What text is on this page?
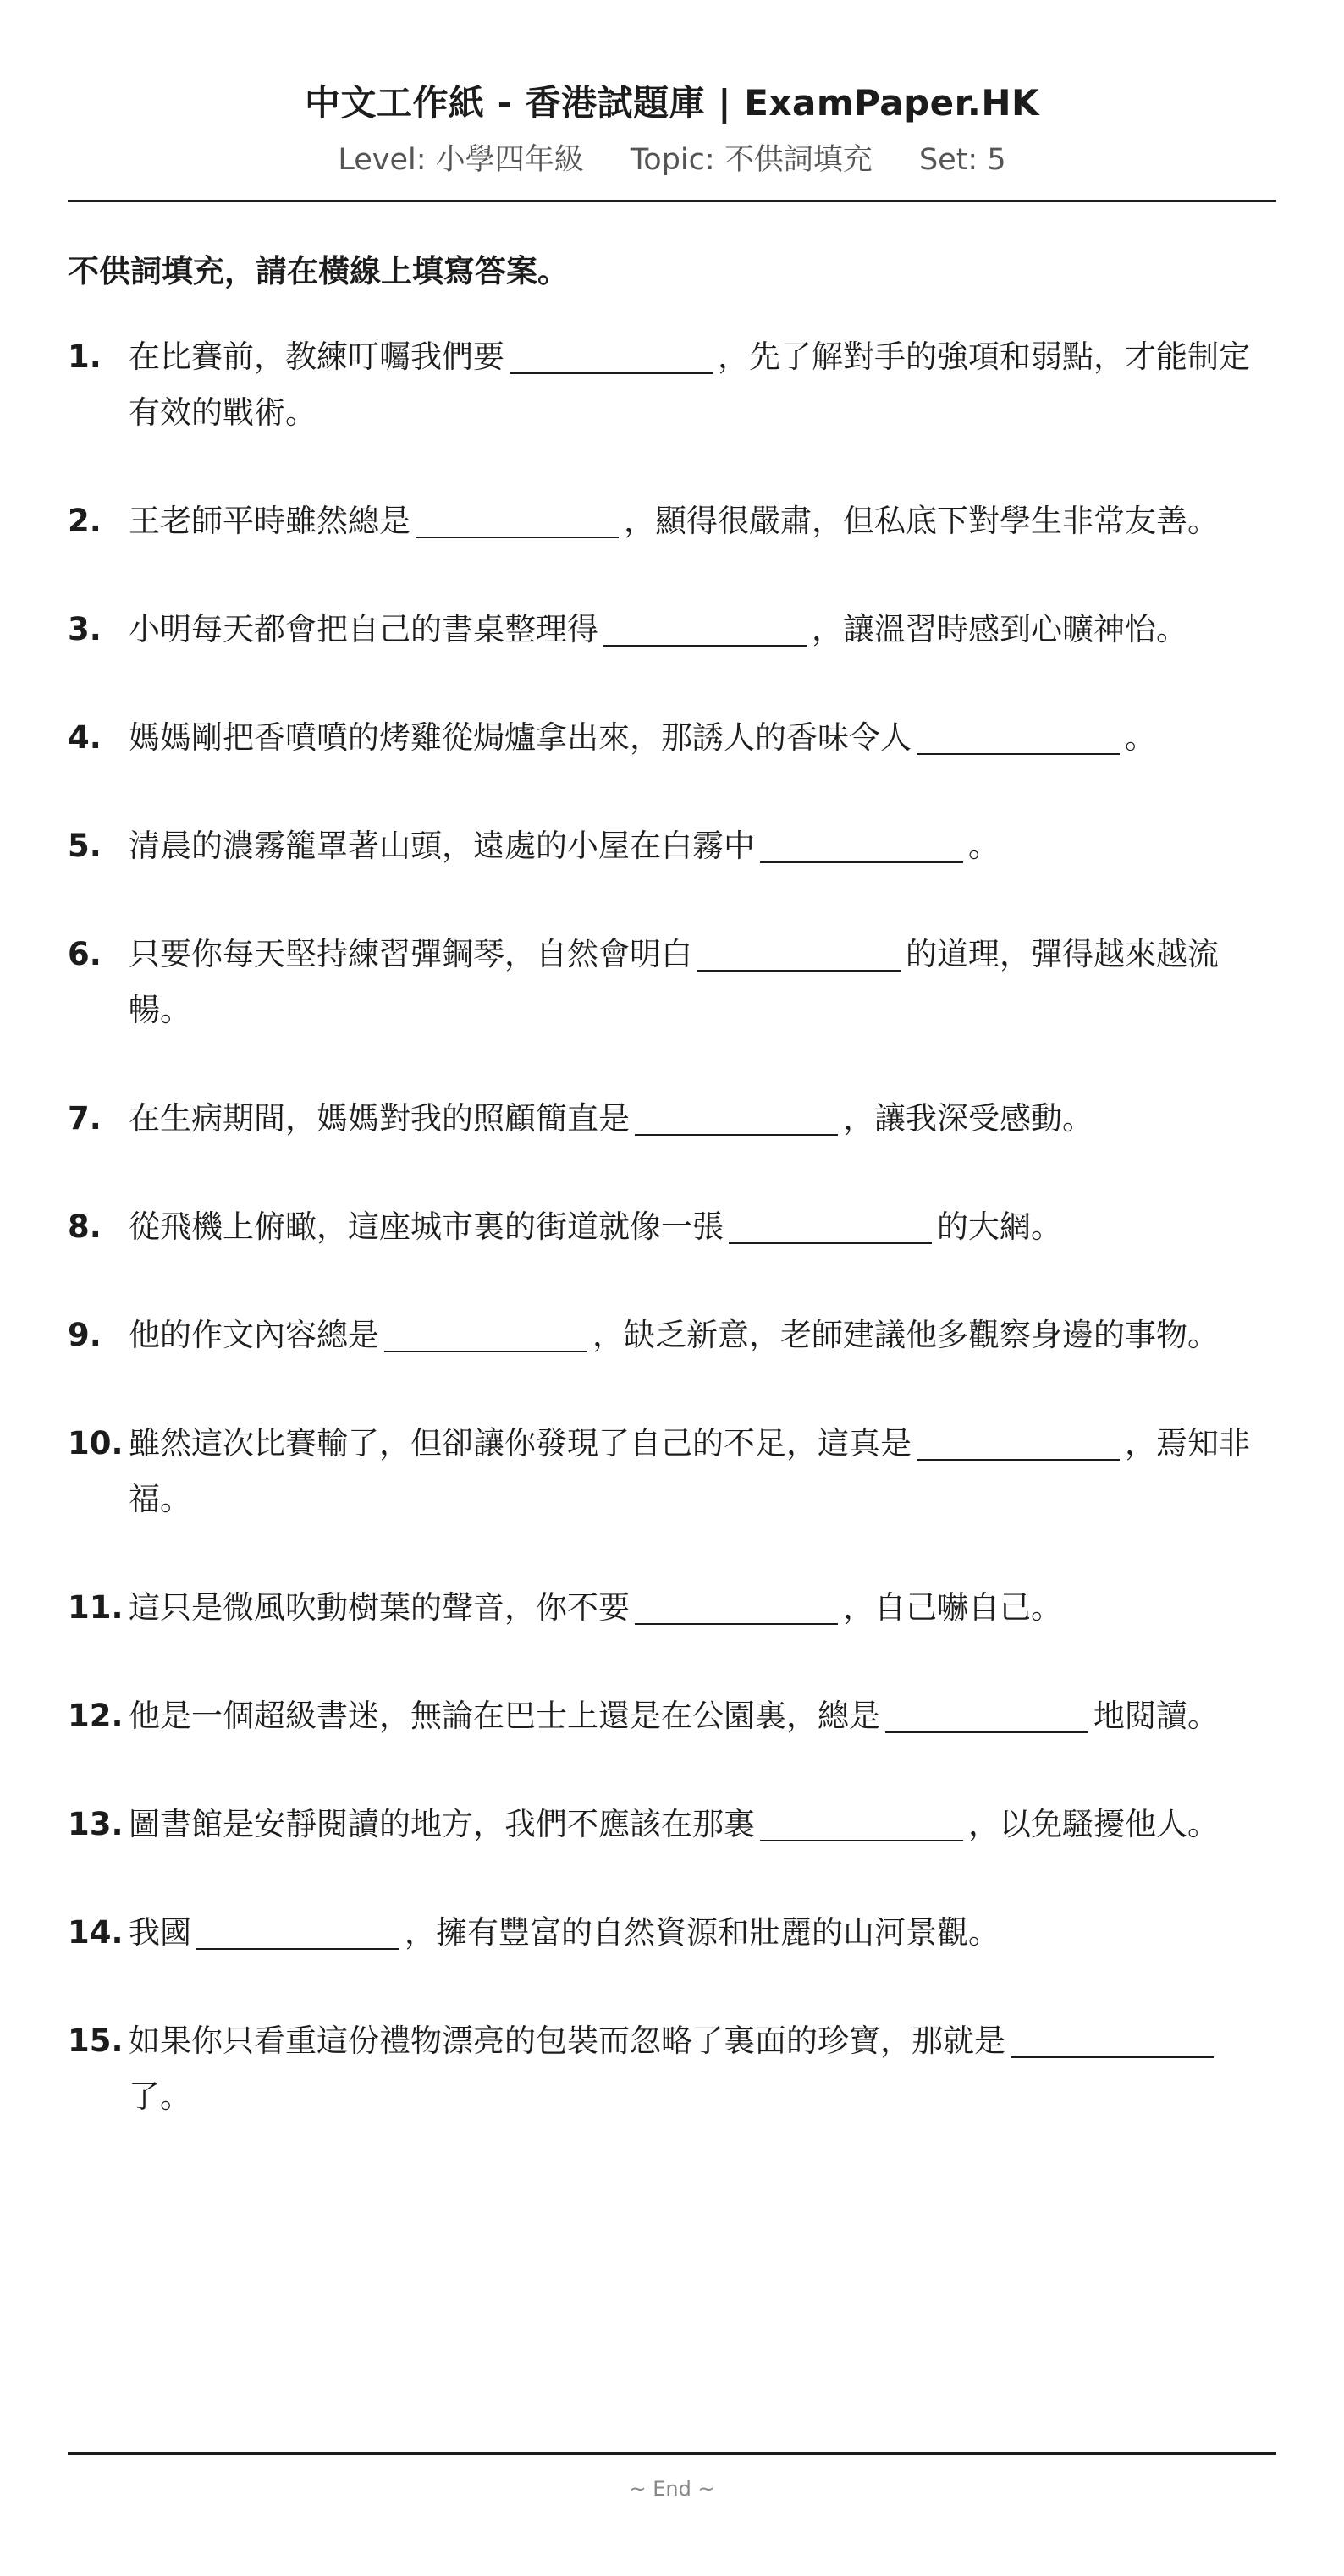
中文工作紙 - 香港試題庫 | ExamPaper.HK
Level: 小學四年級 Topic: 不供詞填充 Set: 5
不供詞填充，請在橫線上填寫答案。
1. 在比賽前，教練叮囑我們要	，先了解對手的強項和弱點，才能制定有效的戰術。
2. 王老師平時雖然總是	，顯得很嚴肅，但私底下對學生非常友善。
3. 小明每天都會把自己的書桌整理得	，讓溫習時感到心曠神怡。
4. 媽媽剛把香噴噴的烤雞從焗爐拿出來，那誘人的香味令人	。
5. 清晨的濃霧籠罩著山頭，遠處的小屋在白霧中	。
6. 只要你每天堅持練習彈鋼琴，自然會明白	的道理，彈得越來越流暢。
7. 在生病期間，媽媽對我的照顧簡直是	，讓我深受感動。
8. 從飛機上俯瞰，這座城市裏的街道就像一張	的大網。
9. 他的作文內容總是	，缺乏新意，老師建議他多觀察身邊的事物。
10. 雖然這次比賽輸了，但卻讓你發現了自己的不足，這真是	，焉知非福。
11. 這只是微風吹動樹葉的聲音，你不要	，自己嚇自己。
12. 他是一個超級書迷，無論在巴士上還是在公園裏，總是	地閱讀。
13. 圖書館是安靜閱讀的地方，我們不應該在那裏	，以免騷擾他人。
14. 我國	，擁有豐富的自然資源和壯麗的山河景觀。
15. 如果你只看重這份禮物漂亮的包裝而忽略了裏面的珍寶，那就是了。
~ End ~
